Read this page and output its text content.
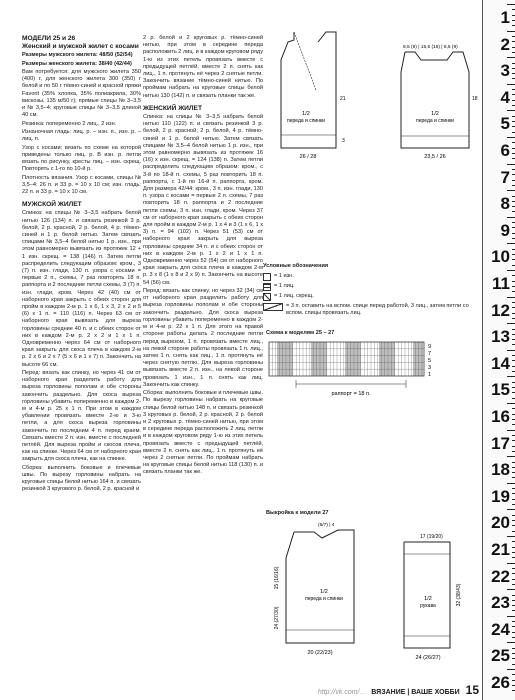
МОДЕЛИ 25 и 26
Женский и мужской жилет с косами

Размеры мужского жилета: 48/50 (52/54)

Размеры женского жилета: 38/40 (42/44)

Вам потребуется: для мужского жилета 350 (400) г, для женского жилета 300 (350) г белой и по 50 г тёмно-синей и красной пряжи Favorit (35% хлопка, 35% полиакрила, 30% вискозы, 135 м/50 г); прямые спицы № 3–3,5 и № 3,5–4; круговые спицы № 3–3,5 длиной 40 см.

Резинка: попеременно 2 лиц., 2 изн.

Изнаночная гладь: лиц. р. – изн. п., изн. р. – лиц. п.

Узор с косами: вязать по схеме на которой приведены только лиц. р. В изн. р. петли вязать по рисунку, кресты лиц. – изн. скрещ. Повторять с 1-го по 10-й р.

Плотность вязания. Узор с косами, спицы № 3,5–4: 26 п. и 33 р. = 10 х 10 см; изн. гладь: 22 п. и 33 р. = 10 х 10 см.

МУЖСКОЙ ЖИЛЕТ

Спинка: на спицы № 3–3,5 набрать белой нитью 126 (134) п. и связать резинкой 3 р. белой, 2 р. красной, 2 р. белой, 4 р. тёмно-синей и 1 р. белой нитью. Затем связать спицами № 3,5–4 белой нитью 1 р. изн., при этом равномерно вывязать из протяжек 12 + 1 изн. скрещ. = 138 (146) п. Затем петли распределить следующим образом: кром., 3 (7) п. изн. глади, 130 п. узора с косами = первые 2 п., схемы, 7 раз повторять 18 п. раппорта и 2 последние петли схемы, 3 (7) п. изн. глади, кром. Через 42 (40) см от наборного края закрыть с обеих сторон для пройм в каждом 2-м р. 1 х 6, 1 х 3, 2 х 2 и 5 (6) х 1 п. = 110 (116) п. Через 63 см от наборного края вывязать для выреза горловины средние 40 п. и с обеих сторон от них в каждом 2-м р. 2 х 2 и 1 х 1 п. Одновременно через 64 см от наборного края закрыть для скоса плеча в каждом 2-м р. 2 х 6 и 2 х 7 (5 х 6 и 1 х 7) п. Закончить на высоте 66 см.

Перед: вязать как спинку, но через 41 см от наборного края разделить работу для выреза горловины пополам и обе стороны закончить раздельно. Для скоса выреза горловины убавить попеременно в каждом 2-м и 4-м р. 25 х 1 п. При этом в каждом убавлении провязать вместе 2-ю и 3-ю петли, а для скоса выреза горловины закончить по последним 4 п. перед краем. Связать вместе 2 п. изн. вместе с последней петлёй. Для выреза пройм и скосов плеча, как на спинке. Через 64 см от наборного края закрыть для скоса плеча, как на спинке.

Сборка: выполнить боковые и плечевые швы. По вырезу горловины набрать на круговые спицы белой нитью 164 п. и связать резинкой 3 кругового р. белой, 2 р. красной и

2 р. белой и 2 круговых р. тёмно-синей нитью, при этом в середине переда расположить 2 лиц. и в каждом круговом ряду 1-ю из этих петель провязать вместе с предыдущей петлёй, вместе 2 п. снять как лиц., 1 п. протянуть её через 2 снятые петли. Закончить вязание тёмно-синей нитью. По проймам набрать на круговые спицы белой нитью 130 (142) п. и связать планки так же.

ЖЕНСКИЙ ЖИЛЕТ

Спинка: на спицы № 3–3,5 набрать белой нитью 110 (122) п. и связать резинкой 3 р. белой, 2 р. красной, 2 р. белой, 4 р. тёмно-синей и 1 р. белой нитью. Затем связать спицами № 3,5–4 белой нитью 1 р. изн., при этом равномерно вывязать из протяжек 16 (16) х изн. скрещ. = 124 (138) п. Затем петли распределить следующим образом: кром., с 3-й по 18-й п. схемы, 5 раз повторить 18 п. раппорта, с 1-й по 16-й п. раппорта, кром. Для размера 42/44: кром., 3 п. изн. глади, 130 п. узора с косами = первые 2 п. схемы, 7 раз повторить 18 п. раппорта и 2 последние петли схемы, 3 п. изн. глади, кром. Через 37 см от наборного края закрыть с обеих сторон для пройм в каждом 2-м р. 1 х 4 и 3 (1 х 6, 1 х 3) п. = 94 (102) п. Через 51 (53) см от наборного края закрыть для выреза горловины средние 34 п. и с обеих сторон от них в каждом 2-м р. 1 х 2 и 1 х 1 п. Одновременно через 52 (54) см от наборного края закрыть для скоса плеча в каждом 2-м р. 3 х 8 (1 х 8 и 2 х 9) п. Закончить на высоте 54 (56) см.

Перед: вязать как спинку, но через 32 (34) см от наборного края разделить работу для выреза горловины пополам и обе стороны закончить раздельно. Для скоса выреза горловины убавить попеременно в каждом 2-м и 4-м р. 22 х 1 п. Для этого на правой стороне работы делать 2 последние петли перед вырезом, 1 п. провязать вместе лиц., на левой стороне работы провязать 1 п. лиц., затем 1 п. снять как лиц., 1 п. протянуть её через снятую петлю. Для выреза горловины вывязать вместе 2 п. изн., на левой стороне провязать 1 изн., 1 п. снять как лиц. Закончить как спинку.

Сборка: выполнить боковые и плечевые швы. По вырезу горловины набрать на круговые спицы белой нитью 148 п. и связать резинкой 3 круговых р. белой, 2 р. красной, 2 р. белой и 2 круговых р. тёмно-синей нитью, при этом в середине переда расположить 2 лиц. петли и в каждом круговом ряду 1-ю из этих петель провязать вместе с предыдущей петлёй, вместе 2 п. снять как лиц., 1 п. протянуть её через 2 снятые петли. По проймам набрать на круговые спицы белой нитью 118 (130) п. и связать планки так же.

1/2
переда и спинки
26 / 28
3
21
8,5 (9) | 15,5 (16) | 8,5 (9)
1/2
переда и спинки
23,5 / 26
18
Условные обозначения
= 1 изн.
= 1 лиц.
= 1 лиц. скрещ.
= 3 п. оставить на вспом. спице перед работой, 3 лиц., затем петли со вспом. спицы провязать лиц.
Схема к моделям 25 – 27
9
7
5
3
1
раппорт = 18 п.
Выкройка к модели 27
(6/7) | 4
1/2
переда и спинки
20 (22/23)
15 (16/16)
24 (27/30)
17 (19/20)
1/2
рукава
24 (26/27)
32 (38/43)
1
2
3
4
5
6
7
8
9
10
11
12
13
14
15
16
17
18
19
20
21
22
23
24
25
26
http://vk.com/... ВЯЗАНИЕ | ВАШЕ ХОББИ 15
